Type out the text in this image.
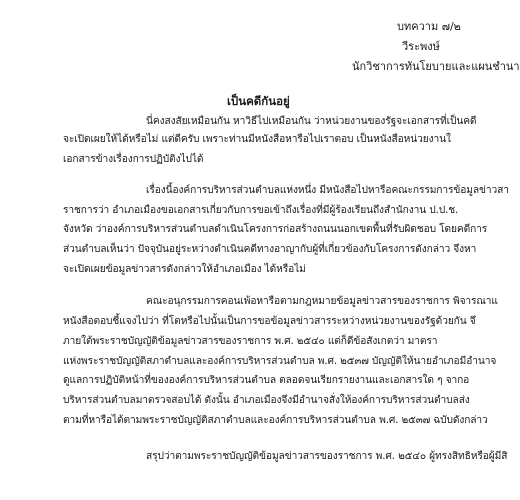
บทความ ๗/๒
วีระพงษ์
นักวิชาการทันโยบายและแผนชำนา
เป็นคดีกันอยู่
นี่คงสงสัยเหมือนกัน หาวิธีไปเหมือนกัน ว่าหน่วยงานของรัฐจะเอกสารที่เป็นคดี
จะเปิดเผยให้ได้หรือไม่ แต่ดีครับ เพราะท่านมีหนังสือหารือไปเราตอบ เป็นหนังสือหน่วยงานใ
เอกสารข้างเรื่องการปฏิบัติงไปได้
เรื่องนี้องค์การบริหารส่วนตำบลแห่งหนึ่ง มีหนังสือไปหารือคณะกรรมการข้อมูลข่าวสา
ราชการว่า อำเภอเมืองขอเอกสารเกี่ยวกับการขอเข้าถึงเรื่องที่มีผู้ร้องเรียนถึงสำนักงาน ป.ป.ช.
จังหวัด ว่าองค์การบริหารส่วนตำบลดำเนินโครงการก่อสร้างถนนนอกเขตพื้นที่รับผิดชอบ โดยคดีการ
ส่วนตำบลเห็นว่า ปัจจุบันอยู่ระหว่างดำเนินคดีทางอาญากับผู้ที่เกี่ยวข้องกับโครงการดังกล่าว จึงหา
จะเปิดเผยข้อมูลข่าวสารดังกล่าวให้อำเภอเมือง ได้หรือไม่
คณะอนุกรรมการคอนเพ้อหารือตามกฎหมายข้อมูลข่าวสารของราชการ พิจารณาแ
หนังสือตอบชี้แจงไปว่า ที่โตหรือไปนั้นเป็นการขอข้อมูลข่าวสารระหว่างหน่วยงานของรัฐด้วยกัน จึ
ภายใต้พระราชบัญญัติข้อมูลข่าวสารของราชการ พ.ศ. ๒๕๔๐ แต่ก็ดีข้อสังเกตว่า มาตรา
แห่งพระราชบัญญัติสภาตำบลและองค์การบริหารส่วนตำบล พ.ศ. ๒๕๓๗ บัญญัติให้นายอำเภอมีอำนาจ
ดูแลการปฏิบัติหน้าที่ขององค์การบริหารส่วนตำบล ตลอดจนเรียกรายงานและเอกสารใด ๆ จากอ
บริหารส่วนตำบลมาตรวจสอบได้ ดังนั้น อำเภอเมืองจึงมีอำนาจสั่งให้องค์การบริหารส่วนตำบลส่ง
ตามที่หารือได้ตามพระราชบัญญัติสภาตำบลและองค์การบริหารส่วนตำบล พ.ศ. ๒๕๓๗ ฉบับดังกล่าว
สรุปว่าตามพระราชบัญญัติข้อมูลข่าวสารของราชการ พ.ศ. ๒๕๔๐ ผู้ทรงสิทธิหรือผู้มีสิ
